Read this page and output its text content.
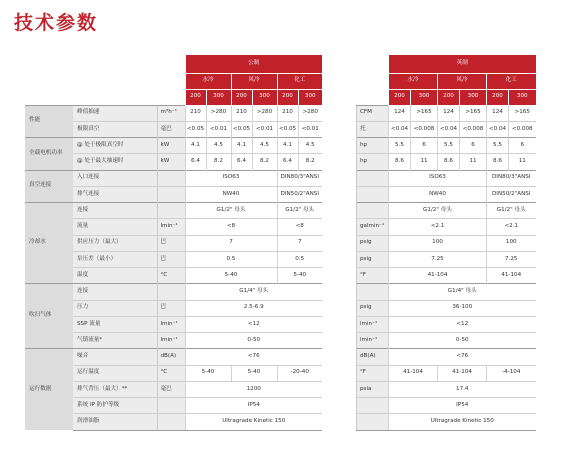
技术参数
			公制					
			水冷		风冷		化工	
			200	300	200	300	200	300
性能	峰值抽速	m³h⁻¹	210	>280	210	>280	210	>280
	极限真空	毫巴	<0.05	<0.01	<0.05	<0.01	<0.05	<0.01
全载电机功率	@ 处于极限真空时	kW	4.1	4.5	4.1	4.5	4.1	4.5
	@ 处于最大抽速时	kW	6.4	8.2	6.4	8.2	6.4	8.2
真空连接	入口连接		ISO63				DIN80/3"ANSI	
	排气连接		NW40				DIN50/2"ANSI	
冷却水	连接		G1/2" 母头				G1/2" 母头	
	流量	lmin⁻¹	<8				<8	
	供应压力（最大）	巴	7				7	
	泵压差（最小）	巴	0.5				0.5	
	温度	°C	5-40				5-40	
吹扫气体	连接		G1/4" 母头					
	压力	巴	2.5-6.9					
	SSP 流量	lmin⁻¹	<12					
	气镇流量*	lmin⁻¹	0-50					
运行数据	噪音	dB(A)	<76					
	运行温度	°C	5-40		5-40		-20-40	
	排气背压（最大）**	毫巴	1200					
	系统 IP 防护等级		IP54					
	润滑油脂		Ultragrade Kinetic 150					
	英制					
	水冷		风冷		化工	
	200	300	200	300	200	300
CFM	124	>165	124	>165	124	>165
托	<0.04	<0.008	<0.04	<0.008	<0.04	<0.008
hp	5.5	6	5.5	6	5.5	6
hp	8.6	11	8.6	11	8.6	11
	ISO63				DIN80/3"ANSI	
	NW40				DIN50/2"ANSI	
	G1/2" 母头				G1/2" 母头	
galmin⁻¹	<2.1				<2.1	
psig	100				100	
psig	7.25				7.25	
°F	41-104				41-104	
	G1/4" 母头					
psig	36-100					
lmin⁻¹	<12					
lmin⁻¹	0-50					
dB(A)	<76					
°F	41-104		41-104		-4-104	
psia	17.4					
	IP54					
	Ultragrade Kinetic 150					
